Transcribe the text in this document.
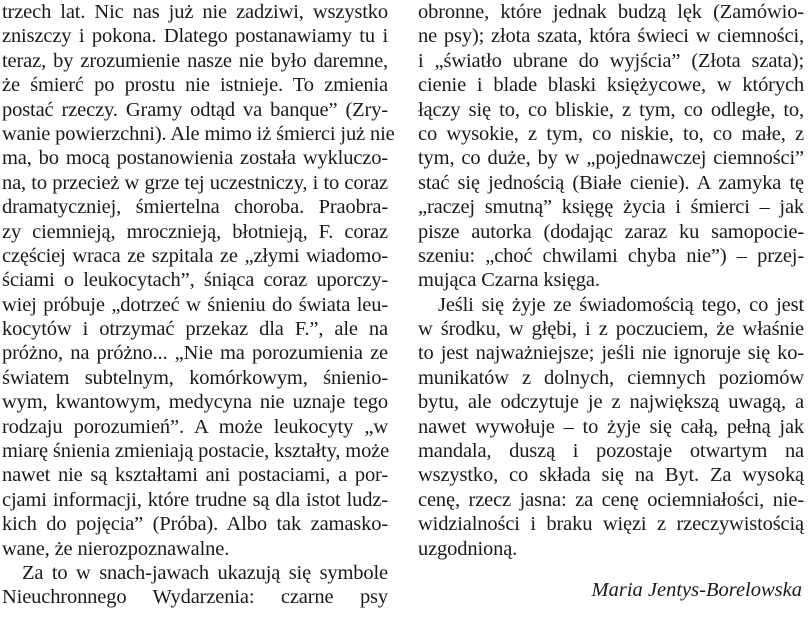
trzech lat. Nic nas już nie zadziwi, wszystko
zniszczy i pokona. Dlatego postanawiamy tu i
teraz, by zrozumienie nasze nie było daremne,
że śmierć po prostu nie istnieje. To zmienia
postać rzeczy. Gramy odtąd va banque” (Zry-
wanie powierzchni). Ale mimo iż śmierci już nie
ma, bo mocą postanowienia została wykluczo-
na, to przecież w grze tej uczestniczy, i to coraz
dramatyczniej, śmiertelna choroba. Praobra-
zy ciemnieją, mrocznieją, błotnieją, F. coraz
częściej wraca ze szpitala ze „złymi wiadomo-
ściami o leukocytach”, śniąca coraz uporczy-
wiej próbuje „dotrzeć w śnieniu do świata leu-
kocytów i otrzymać przekaz dla F.”, ale na
próżno, na próżno... „Nie ma porozumienia ze
światem subtelnym, komórkowym, śnienio-
wym, kwantowym, medycyna nie uznaje tego
rodzaju porozumień”. A może leukocyty „w
miarę śnienia zmieniają postacie, kształty, może
nawet nie są kształtami ani postaciami, a por-
cjami informacji, które trudne są dla istot ludz-
kich do pojęcia” (Próba). Albo tak zamasko-
wane, że nierozpoznawalne.
Za to w snach-jawach ukazują się symbole
Nieuchronnego Wydarzenia: czarne psy
obronne, które jednak budzą lęk (Zamówio-
ne psy); złota szata, która świeci w ciemności,
i „światło ubrane do wyjścia” (Złota szata);
cienie i blade blaski księżycowe, w których
łączy się to, co bliskie, z tym, co odległe, to,
co wysokie, z tym, co niskie, to, co małe, z
tym, co duże, by w „pojednawczej ciemności”
stać się jednością (Białe cienie). A zamyka tę
„raczej smutną” księgę życia i śmierci – jak
pisze autorka (dodając zaraz ku samopocie-
szeniu: „choć chwilami chyba nie”) – przej-
mująca Czarna księga.
Jeśli się żyje ze świadomością tego, co jest
w środku, w głębi, i z poczuciem, że właśnie
to jest najważniejsze; jeśli nie ignoruje się ko-
munikatów z dolnych, ciemnych poziomów
bytu, ale odczytuje je z największą uwagą, a
nawet wywołuje – to żyje się całą, pełną jak
mandala, duszą i pozostaje otwartym na
wszystko, co składa się na Byt. Za wysoką
cenę, rzecz jasna: za cenę ociemniałości, nie-
widzialności i braku więzi z rzeczywistością
uzgodnioną.
Maria Jentys-Borelowska
